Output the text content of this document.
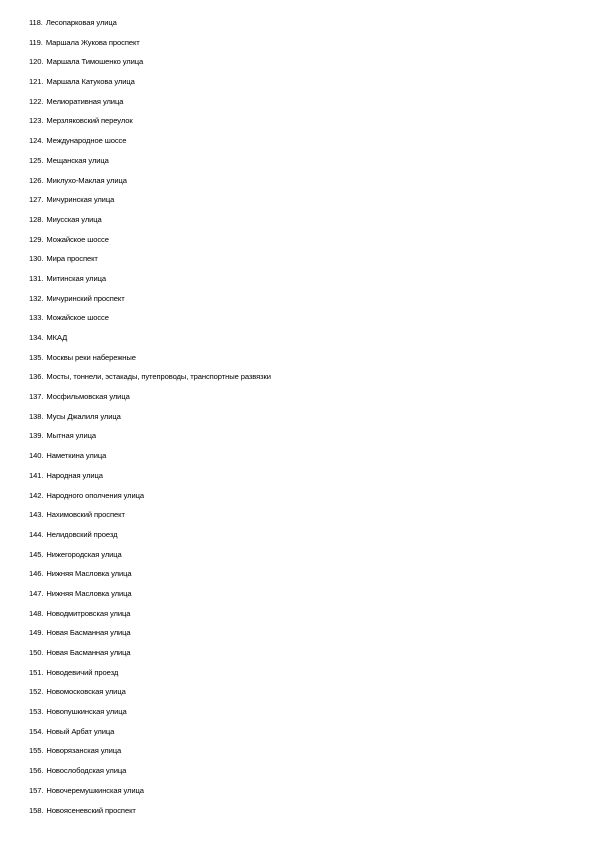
118. Лесопарковая улица
119. Маршала Жукова проспект
120. Маршала Тимошенко улица
121. Маршала Катукова улица
122. Мелиоративная улица
123. Мерзляковский переулок
124. Международное шоссе
125. Мещанская улица
126. Миклухо-Маклая улица
127. Мичуринская улица
128. Миусская улица
129. Можайское шоссе
130. Мира проспект
131. Митинская улица
132. Мичуринский проспект
133. Можайское шоссе
134. МКАД
135. Москвы реки набережные
136. Мосты, тоннели, эстакады, путепроводы, транспортные развязки
137. Мосфильмовская улица
138. Мусы Джалиля улица
139. Мытная улица
140. Наметкина улица
141. Народная улица
142. Народного ополчения улица
143. Нахимовский проспект
144. Нелидовский проезд
145. Нижегородская улица
146. Нижняя Масловка улица
147. Нижняя Масловка улица
148. Новодмитровская улица
149. Новая Басманная улица
150. Новая Басманная улица
151. Новодевичий проезд
152. Новомосковская улица
153. Новопушкинская улица
154. Новый Арбат улица
155. Новорязанская улица
156. Новослободская улица
157. Новочеремушкинская улица
158. Новоясеневский проспект
